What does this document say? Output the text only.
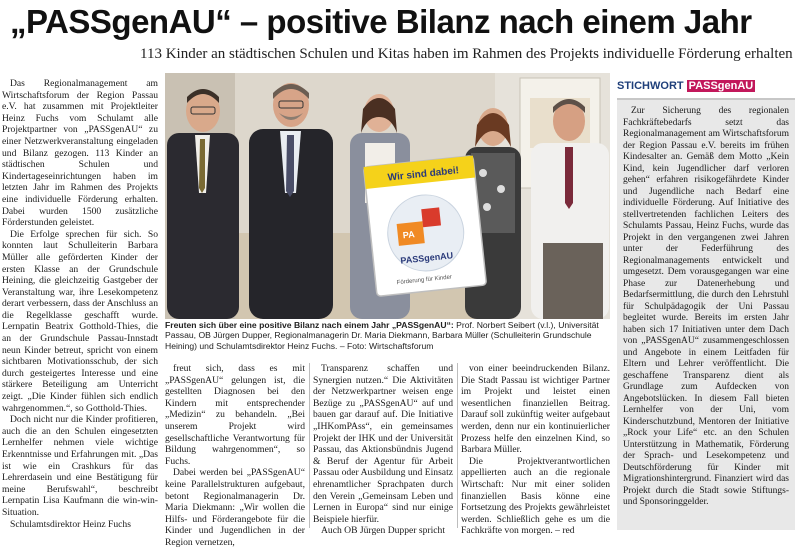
„PASSgenAU“ – positive Bilanz nach einem Jahr
113 Kinder an städtischen Schulen und Kitas haben im Rahmen des Projekts individuelle Förderung erhalten

Das Regionalmanagement am Wirtschaftsforum der Region Passau e.V. hat zusammen mit Projektleiter Heinz Fuchs vom Schulamt alle Projektpartner von „PASSgenAU“ zu einer Netzwerkveranstaltung eingeladen und Bilanz gezogen. 113 Kinder an städtischen Schulen und Kindertageseinrichtungen haben im letzten Jahr im Rahmen des Projekts eine individuelle Förderung erhalten. Dabei wurden 1500 zusätzliche Förderstunden geleistet.

Die Erfolge sprechen für sich. So konnten laut Schulleiterin Barbara Müller alle geförderten Kinder der ersten Klasse an der Grundschule Heining, die gleichzeitig Gastgeber der Veranstaltung war, ihre Lesekompetenz derart verbessern, dass der Anschluss an die Regelklasse geschafft wurde. Lernpatin Beatrix Gotthold-Thies, die an der Grundschule Passau-Innstadt neun Kinder betreut, spricht von einem sichtbaren Motivationsschub, der sich durch gesteigertes Interesse und eine stärkere Beteiligung am Unterricht zeigt. „Die Kinder fühlen sich endlich wahrgenommen.“, so Gotthold-Thies.

Doch nicht nur die Kinder profitieren, auch die an den Schulen eingesetzten Lernhelfer nehmen viele wichtige Erkenntnisse und Erfahrungen mit. „Das ist wie ein Crashkurs für das Lehrerdasein und eine Bestätigung für meine Berufswahl“, beschreibt Lernpatin Lisa Kaufmann die win-win-Situation.

Schulamtsdirektor Heinz Fuchs

Wir sind dabei!
PA
PASSgenAU
Förderung für Kinder
Freuten sich über eine positive Bilanz nach einem Jahr „PASSgenAU“: Prof. Norbert Seibert (v.l.), Universität Passau, OB Jürgen Dupper, Regionalmanagerin Dr. Maria Diekmann, Barbara Müller (Schulleiterin Grundschule Heining) und Schulamtsdirektor Heinz Fuchs. – Foto: Wirtschaftsforum

freut sich, dass es mit „PASSgenAU“ gelungen ist, die gestellten Diagnosen bei den Kindern mit entsprechender „Medizin“ zu behandeln. „Bei unserem Projekt wird gesellschaftliche Verantwortung für Bildung wahrgenommen“, so Fuchs.

Dabei werden bei „PASSgenAU“ keine Parallelstrukturen aufgebaut, betont Regionalmanagerin Dr. Maria Diekmann: „Wir wollen die Hilfs- und Förderangebote für die Kinder und Jugendlichen in der Region vernetzen,

Transparenz schaffen und Synergien nutzen.“ Die Aktivitäten der Netzwerkpartner weisen enge Bezüge zu „PASSgenAU“ auf und bauen gar darauf auf. Die Initiative „IHKomPAss“, ein gemeinsames Projekt der IHK und der Universität Passau, das Aktionsbündnis Jugend & Beruf der Agentur für Arbeit Passau oder Ausbildung und Einsatz ehrenamtlicher Sprachpaten durch den Verein „Gemeinsam Leben und Lernen in Europa“ sind nur einige Beispiele hierfür.

Auch OB Jürgen Dupper spricht

von einer beeindruckenden Bilanz. Die Stadt Passau ist wichtiger Partner im Projekt und leistet einen wesentlichen finanziellen Beitrag. Darauf soll zukünftig weiter aufgebaut werden, denn nur ein kontinuierlicher Prozess helfe den einzelnen Kind, so Barbara Müller.

Die Projektverantwortlichen appellierten auch an die regionale Wirtschaft: Nur mit einer soliden finanziellen Basis könne eine Fortsetzung des Projekts gewährleistet werden. Schließlich gehe es um die Fachkräfte von morgen. – red

STICHWORT PASSgenAU

Zur Sicherung des regionalen Fachkräftebedarfs setzt das Regionalmanagement am Wirtschaftsforum der Region Passau e.V. bereits im frühen Kindesalter an. Gemäß dem Motto „Kein Kind, kein Jugendlicher darf verloren gehen“ erfahren risikogefährdete Kinder und Jugendliche nach Bedarf eine individuelle Förderung. Auf Initiative des stellvertretenden fachlichen Leiters des Schulamts Passau, Heinz Fuchs, wurde das Projekt in den vergangenen zwei Jahren unter der Federführung des Regionalmanagements entwickelt und umgesetzt. Dem vorausgegangen war eine Phase zur Datenerhebung und Bedarfsermittlung, die durch den Lehrstuhl für Schulpädagogik der Uni Passau begleitet wurde. Bereits im ersten Jahr haben sich 17 Initiativen unter dem Dach von „PASSgenAU“ zusammengeschlossen und Angebote in einem Leitfaden für Eltern und Lehrer veröffentlicht. Die geschaffene Transparenz dient als Grundlage zum Aufdecken von Angebotslücken. In diesem Fall bieten Lernhelfer von der Uni, vom Kinderschutzbund, Mentoren der Initiative „Rock your Life“ etc. an den Schulen Unterstützung in Mathematik, Förderung der Sprach- und Lesekompetenz und Deutschförderung für Kinder mit Migrationshintergrund. Finanziert wird das Projekt durch die Stadt sowie Stiftungs- und Sponsoringgelder.
